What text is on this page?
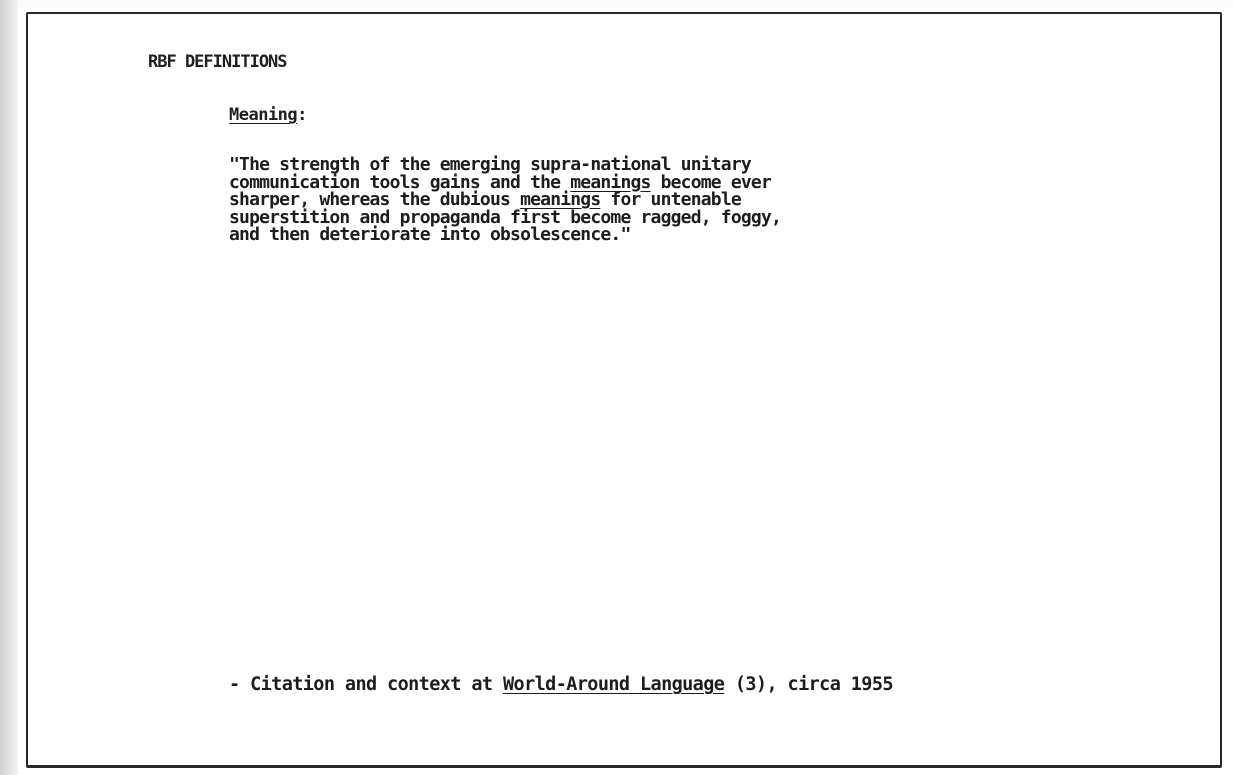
RBF DEFINITIONS

Meaning:

"The strength of the emerging supra-national unitary
communication tools gains and the meanings become ever
sharper, whereas the dubious meanings for untenable
superstition and propaganda first become ragged, foggy,
and then deteriorate into obsolescence."

- Citation and context at World-Around Language (3), circa 1955
